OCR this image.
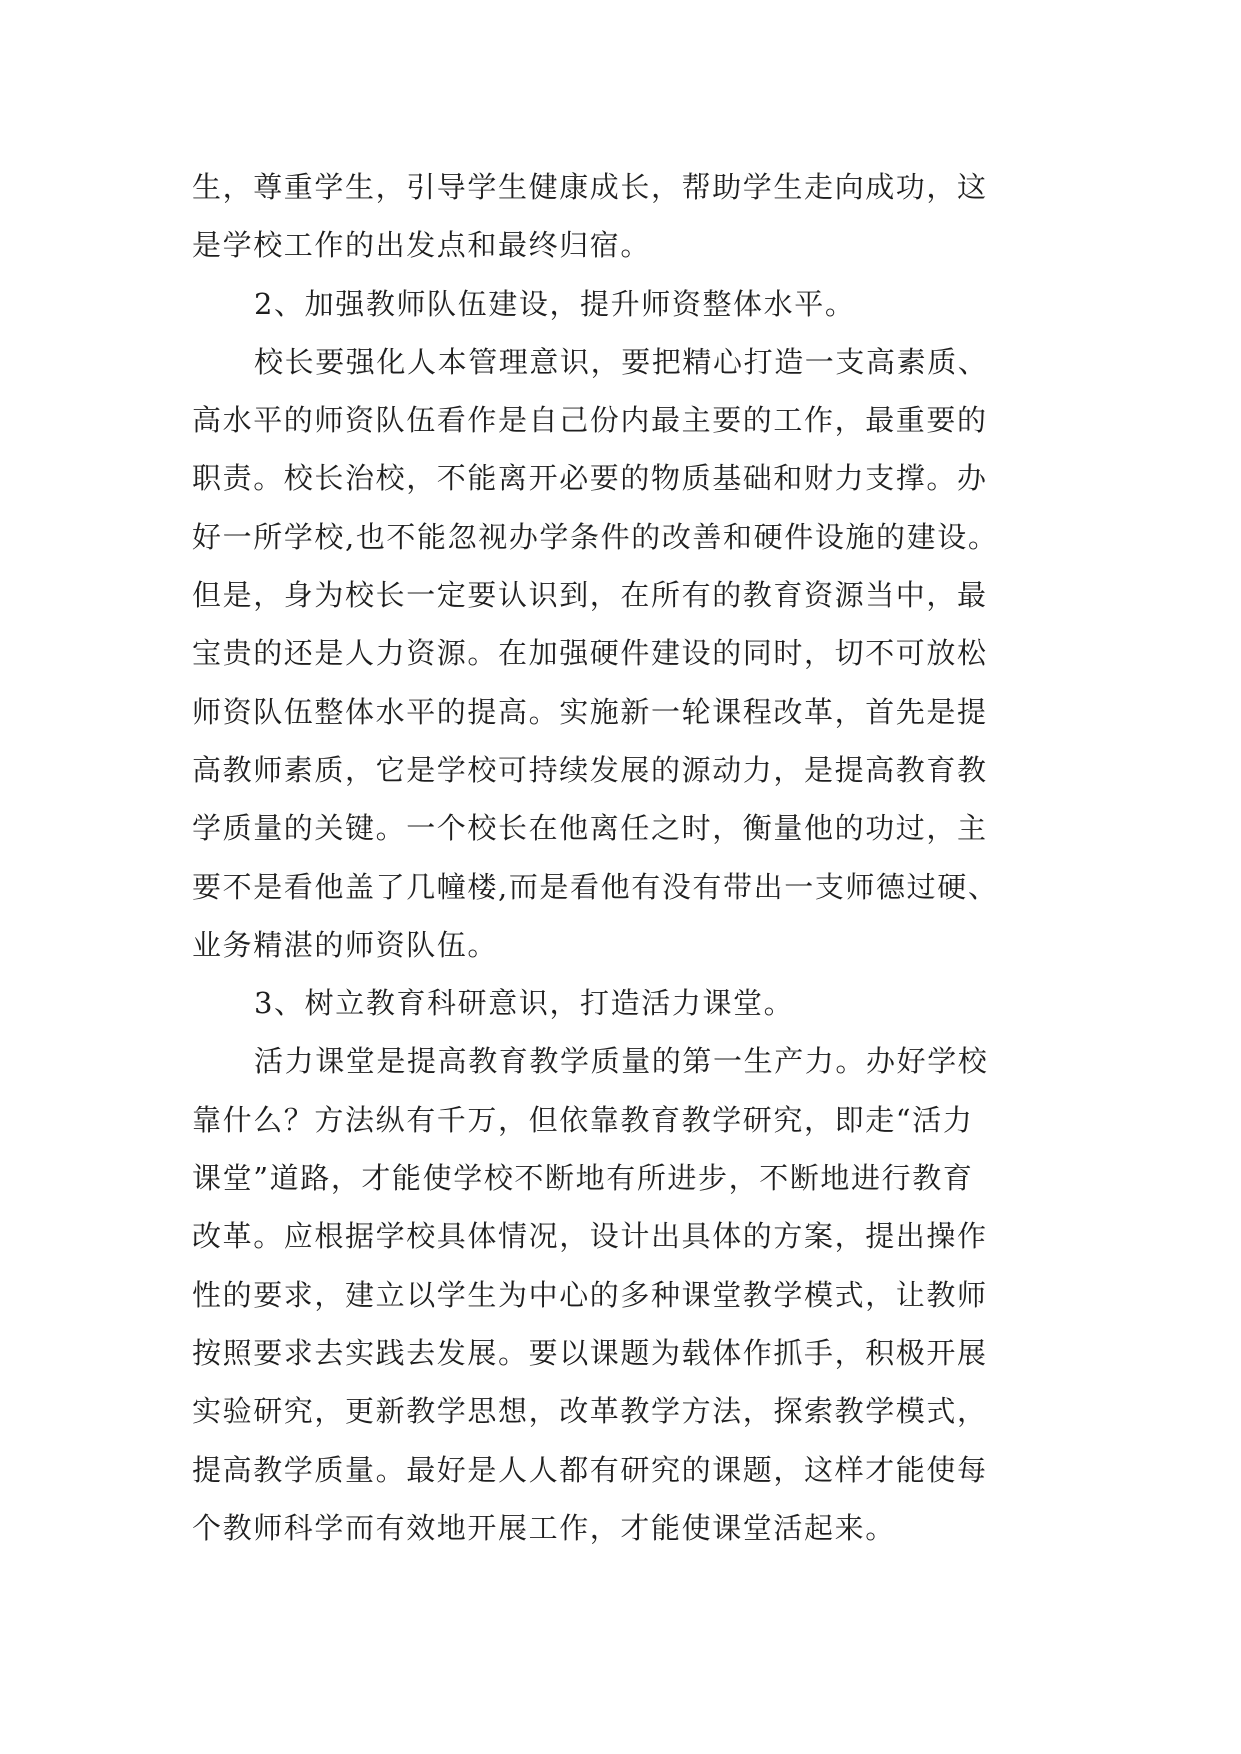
生，尊重学生，引导学生健康成长，帮助学生走向成功，这
是学校工作的出发点和最终归宿。
2、加强教师队伍建设，提升师资整体水平。
校长要强化人本管理意识，要把精心打造一支高素质、
高水平的师资队伍看作是自己份内最主要的工作，最重要的
职责。校长治校，不能离开必要的物质基础和财力支撑。办
好一所学校,也不能忽视办学条件的改善和硬件设施的建设。
但是，身为校长一定要认识到，在所有的教育资源当中，最
宝贵的还是人力资源。在加强硬件建设的同时，切不可放松
师资队伍整体水平的提高。实施新一轮课程改革，首先是提
高教师素质，它是学校可持续发展的源动力，是提高教育教
学质量的关键。一个校长在他离任之时，衡量他的功过，主
要不是看他盖了几幢楼,而是看他有没有带出一支师德过硬、
业务精湛的师资队伍。
3、树立教育科研意识，打造活力课堂。
活力课堂是提高教育教学质量的第一生产力。办好学校
靠什么？方法纵有千万，但依靠教育教学研究，即走“活力
课堂”道路，才能使学校不断地有所进步，不断地进行教育
改革。应根据学校具体情况，设计出具体的方案，提出操作
性的要求，建立以学生为中心的多种课堂教学模式，让教师
按照要求去实践去发展。要以课题为载体作抓手，积极开展
实验研究，更新教学思想，改革教学方法，探索教学模式，
提高教学质量。最好是人人都有研究的课题，这样才能使每
个教师科学而有效地开展工作，才能使课堂活起来。
